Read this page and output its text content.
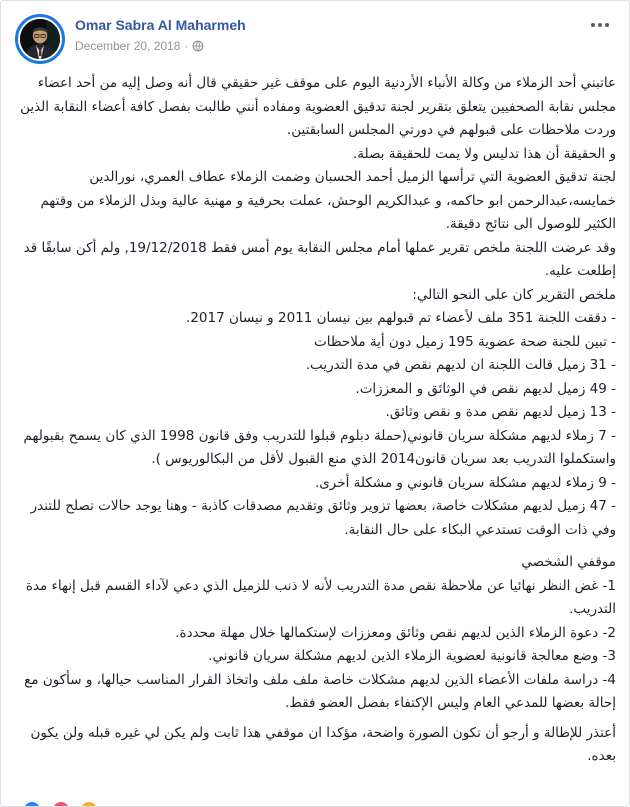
Omar Sabra Al Maharmeh
December 20, 2018 ·

عاتبني أحد الزملاء من وكالة الأنباء الأردنية اليوم على موقف غير حقيقي قال أنه وصل إليه من أحد اعضاء مجلس نقابة الصحفيين يتعلق بتقرير لجنة تدقيق العضوية ومفاده أنني طالبت بفصل كافة أعضاء النقابة الذين وردت ملاحظات على قبولهم في دورتي المجلس السابقتين.

و الحقيقة أن هذا تدليس ولا يمت للحقيقة بصلة.

لجنة تدقيق العضوية التي ترأسها الزميل أحمد الحسبان وضمت الزملاء عطاف العمري، نورالدين خمايسه،عبدالرحمن ابو حاكمه، و عبدالكريم الوحش، عملت بحرفية و مهنية عالية وبذل الزملاء من وقتهم الكثير للوصول الى نتائج دقيقة.

وقد عرضت اللجنة ملخص تقرير عملها أمام مجلس النقابة يوم أمس فقط 19/12/2018, ولم أكن سابقًا قد إطلعت عليه.

ملخص التقرير كان على النحو التالي:

- دققت اللجنة 351 ملف لأعضاء تم قبولهم بين نيسان 2011 و نيسان 2017.

- تبين للجنة صحة عضوية 195 زميل دون أية ملاحظات

- 31 زميل قالت اللجنة ان لديهم نقص في مدة التدريب.

- 49 زميل لديهم نقص في الوثائق و المعززات.

- 13 زميل لديهم نقص مدة و نقص وثائق.

- 7 زملاء لديهم مشكلة سريان قانوني(حملة دبلوم قبلوا للتدريب وفق قانون 1998 الذي كان يسمح بقبولهم واستكملوا التدريب بعد سريان قانون2014 الذي منع القبول لأقل من البكالوريوس ).

- 9 زملاء لديهم مشكلة سريان قانوني و مشكلة أخرى.

- 47 زميل لديهم مشكلات خاصة، بعضها تزوير وثائق وتقديم مصدقات كاذبة - وهنا يوجد حالات تصلح للتندر وفي ذات الوقت تستدعي البكاء على حال النقابة.

موقفي الشخصي

1- غض النظر نهائيا عن ملاحظة نقص مدة التدريب لأنه لا ذنب للزميل الذي دعي لآداء القسم قبل إنهاء مدة التدريب.

2- دعوة الزملاء الذين لديهم نقص وثائق ومعززات لإستكمالها خلال مهلة محددة.

3- وضع معالجة قانونية لعضوية الزملاء الذين لديهم مشكلة سريان قانوني.

4- دراسة ملفات الأعضاء الذين لديهم مشكلات خاصة ملف ملف واتخاذ القرار المناسب حيالها، و سأكون مع إحالة بعضها للمدعي العام وليس الإكتفاء بفصل العضو فقط.

أعتذر للإطالة و أرجو أن تكون الصورة واضحة، مؤكدا ان موقفي هذا ثابت ولم يكن لي غيره قبله ولن يكون بعده.
